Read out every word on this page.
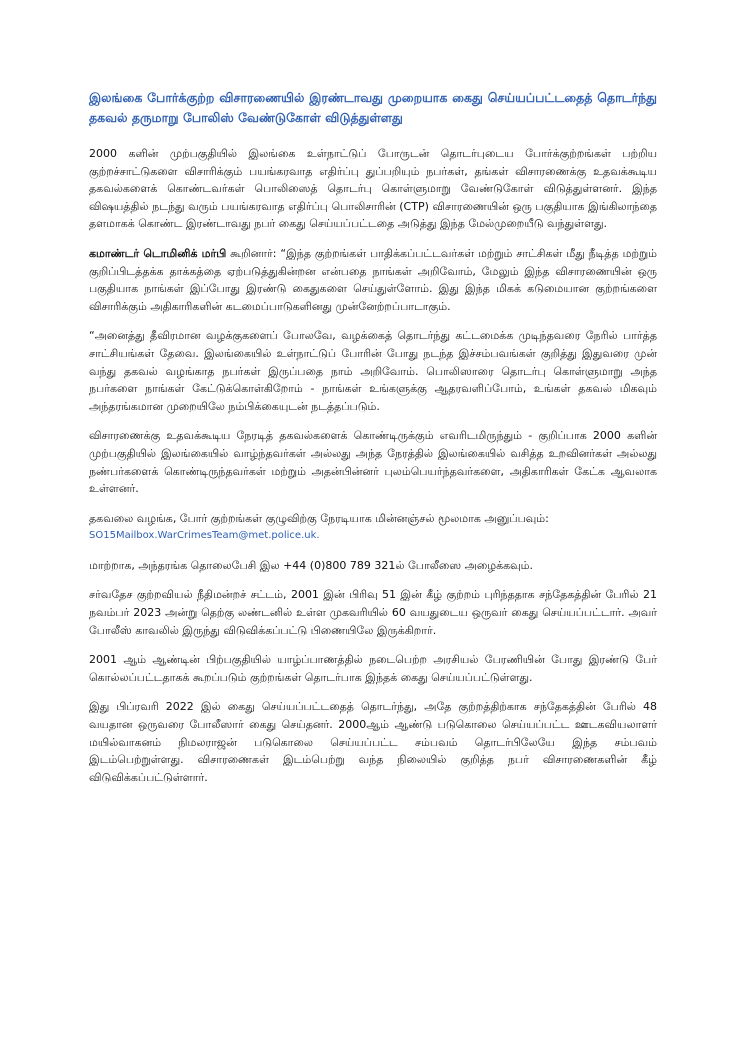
இலங்கை போர்க்குற்ற விசாரணையில் இரண்டாவது முறையாக கைது செய்யப்பட்டதைத் தொடர்ந்து தகவல் தருமாறு போலிஸ் வேண்டுகோள் விடுத்துள்ளது

2000 களின் முற்பகுதியில் இலங்கை உள்நாட்டுப் போருடன் தொடர்புடைய போர்க்குற்றங்கள் பற்றிய குற்றச்சாட்டுகளை விசாரிக்கும் பயங்கரவாத எதிர்ப்பு துப்பறியும் நபர்கள், தங்கள் விசாரணைக்கு உதவக்கூடிய தகவல்களைக் கொண்டவர்கள் பொலிஸைத் தொடர்பு கொள்ளுமாறு வேண்டுகோள் விடுத்துள்ளனர். இந்த விஷயத்தில் நடந்து வரும் பயங்கரவாத எதிர்ப்பு பொலிசாரின் (CTP) விசாரணையின் ஒரு பகுதியாக இங்கிலாந்தை தளமாகக் கொண்ட இரண்டாவது நபர் கைது செய்யப்பட்டதை அடுத்து இந்த மேல்முறையீடு வந்துள்ளது.

கமாண்டர் டொமினிக் மர்பி கூறினார்: “இந்த குற்றங்கள் பாதிக்கப்பட்டவர்கள் மற்றும் சாட்சிகள் மீது நீடித்த மற்றும் குறிப்பிடத்தக்க தாக்கத்தை ஏற்படுத்துகின்றன என்பதை நாங்கள் அறிவோம், மேலும் இந்த விசாரணையின் ஒரு பகுதியாக நாங்கள் இப்போது இரண்டு கைதுகளை செய்துள்ளோம். இது இந்த மிகக் கடுமையான குற்றங்களை விசாரிக்கும் அதிகாரிகளின் கடமைப்பாடுகளினது முன்னேற்றப்பாடாகும்.

“அனைத்து தீவிரமான வழக்குகளைப் போலவே, வழக்கைத் தொடர்ந்து கட்டமைக்க முடிந்தவரை நேரில் பார்த்த சாட்சியங்கள் தேவை. இலங்கையில் உள்நாட்டுப் போரின் போது நடந்த இச்சம்பவங்கள் குறித்து இதுவரை முன் வந்து தகவல் வழங்காத நபர்கள் இருப்பதை நாம் அறிவோம். பொலிஸாரை தொடர்பு கொள்ளுமாறு அந்த நபர்களை நாங்கள் கேட்டுக்கொள்கிறோம் - நாங்கள் உங்களுக்கு ஆதரவளிப்போம், உங்கள் தகவல் மிகவும் அந்தரங்கமான முறையிலே நம்பிக்கையுடன் நடத்தப்படும்.

விசாரணைக்கு உதவக்கூடிய நேரடித் தகவல்களைக் கொண்டிருக்கும் எவரிடமிருந்தும் - குறிப்பாக 2000 களின் முற்பகுதியில் இலங்கையில் வாழ்ந்தவர்கள் அல்லது அந்த நேரத்தில் இலங்கையில் வசித்த உறவினர்கள் அல்லது நண்பர்களைக் கொண்டிருந்தவர்கள் மற்றும் அதன்பின்னர் புலம்பெயர்ந்தவர்களை, அதிகாரிகள் கேட்க ஆவலாக உள்ளனர்.

தகவலை வழங்க, போர் குற்றங்கள் குழுவிற்கு நேரடியாக மின்னஞ்சல் மூலமாக அனுப்பவும்:
SO15Mailbox.WarCrimesTeam@met.police.uk.

மாற்றாக, அந்தரங்க தொலைபேசி இல +44 (0)800 789 321ல் போலீஸை அழைக்கவும்.

சர்வதேச குற்றவியல் நீதிமன்றச் சட்டம், 2001 இன் பிரிவு 51 இன் கீழ் குற்றம் புரிந்ததாக சந்தேகத்தின் பேரில் 21 நவம்பர் 2023 அன்று தெற்கு லண்டனில் உள்ள முகவரியில் 60 வயதுடைய ஒருவர் கைது செய்யப்பட்டார். அவர் போலீஸ் காவலில் இருந்து விடுவிக்கப்பட்டு பிணையிலே இருக்கிறார்.

2001 ஆம் ஆண்டின் பிற்பகுதியில் யாழ்ப்பாணத்தில் நடைபெற்ற அரசியல் பேரணியின் போது இரண்டு பேர் கொல்லப்பட்டதாகக் கூறப்படும் குற்றங்கள் தொடர்பாக இந்தக் கைது செய்யப்பட்டுள்ளது.

இது பிப்ரவரி 2022 இல் கைது செய்யப்பட்டதைத் தொடர்ந்து, அதே குற்றத்திற்காக சந்தேகத்தின் பேரில் 48 வயதான ஒருவரை போலீஸார் கைது செய்தனர். 2000ஆம் ஆண்டு படுகொலை செய்யப்பட்ட ஊடகவியலாளர் மயில்வாகனம் நிமலராஜன் படுகொலை செய்யப்பட்ட சம்பவம் தொடர்பிலேயே இந்த சம்பவம் இடம்பெற்றுள்ளது. விசாரணைகள் இடம்பெற்று வந்த நிலையில் குறித்த நபர் விசாரணைகளின் கீழ் விடுவிக்கப்பட்டுள்ளார்.
